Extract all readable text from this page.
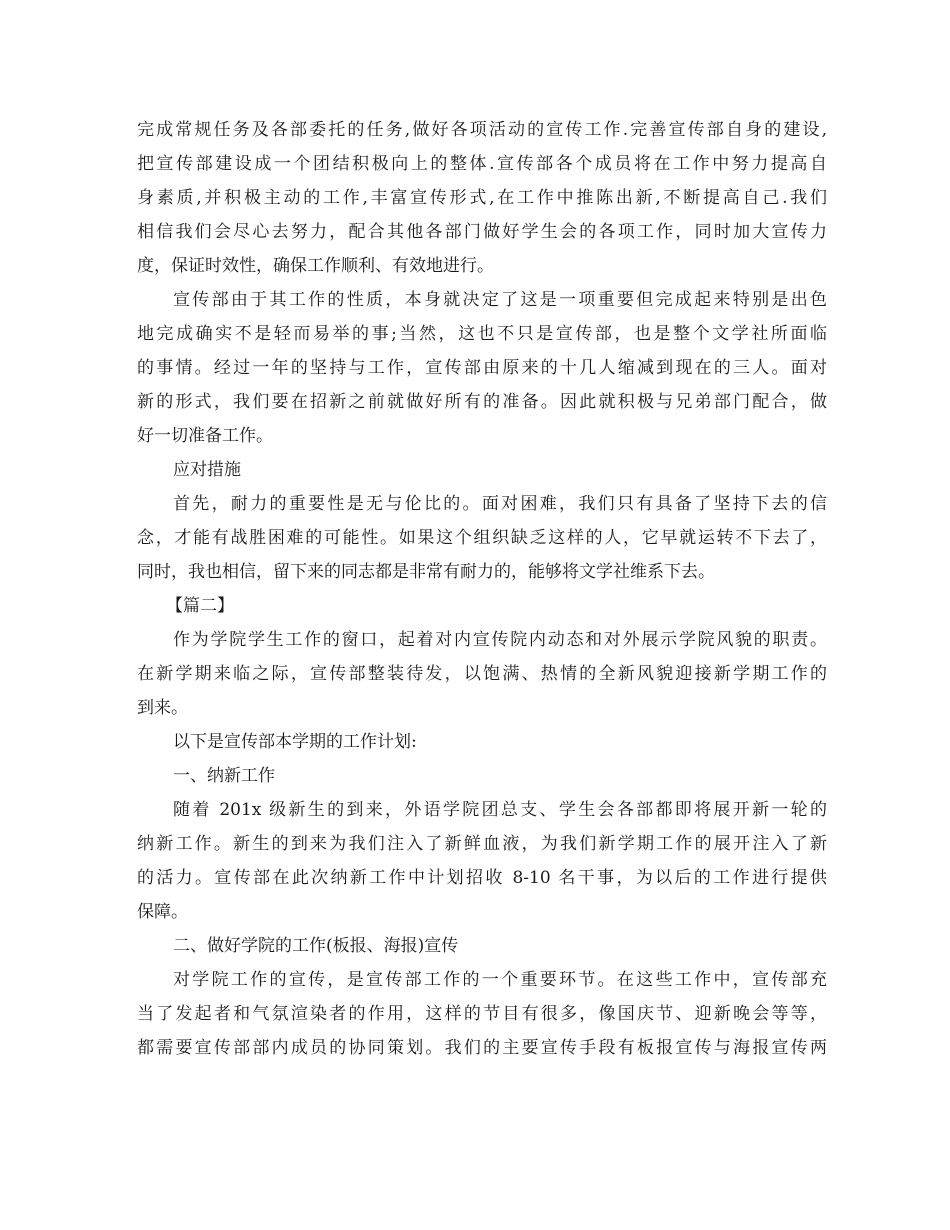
完成常规任务及各部委托的任务,做好各项活动的宣传工作.完善宣传部自身的建设,
把宣传部建设成一个团结积极向上的整体.宣传部各个成员将在工作中努力提高自
身素质,并积极主动的工作,丰富宣传形式,在工作中推陈出新,不断提高自己.我们
相信我们会尽心去努力，配合其他各部门做好学生会的各项工作，同时加大宣传力
度，保证时效性，确保工作顺利、有效地进行。
宣传部由于其工作的性质，本身就决定了这是一项重要但完成起来特别是出色
地完成确实不是轻而易举的事;当然，这也不只是宣传部，也是整个文学社所面临
的事情。经过一年的坚持与工作，宣传部由原来的十几人缩减到现在的三人。面对
新的形式，我们要在招新之前就做好所有的准备。因此就积极与兄弟部门配合，做
好一切准备工作。
应对措施
首先，耐力的重要性是无与伦比的。面对困难，我们只有具备了坚持下去的信
念，才能有战胜困难的可能性。如果这个组织缺乏这样的人，它早就运转不下去了，
同时，我也相信，留下来的同志都是非常有耐力的，能够将文学社维系下去。
【篇二】
作为学院学生工作的窗口，起着对内宣传院内动态和对外展示学院风貌的职责。
在新学期来临之际，宣传部整装待发，以饱满、热情的全新风貌迎接新学期工作的
到来。
以下是宣传部本学期的工作计划:
一、纳新工作
随着 201x 级新生的到来，外语学院团总支、学生会各部都即将展开新一轮的
纳新工作。新生的到来为我们注入了新鲜血液，为我们新学期工作的展开注入了新
的活力。宣传部在此次纳新工作中计划招收 8-10 名干事，为以后的工作进行提供
保障。
二、做好学院的工作(板报、海报)宣传
对学院工作的宣传，是宣传部工作的一个重要环节。在这些工作中，宣传部充
当了发起者和气氛渲染者的作用，这样的节目有很多，像国庆节、迎新晚会等等，
都需要宣传部部内成员的协同策划。我们的主要宣传手段有板报宣传与海报宣传两
